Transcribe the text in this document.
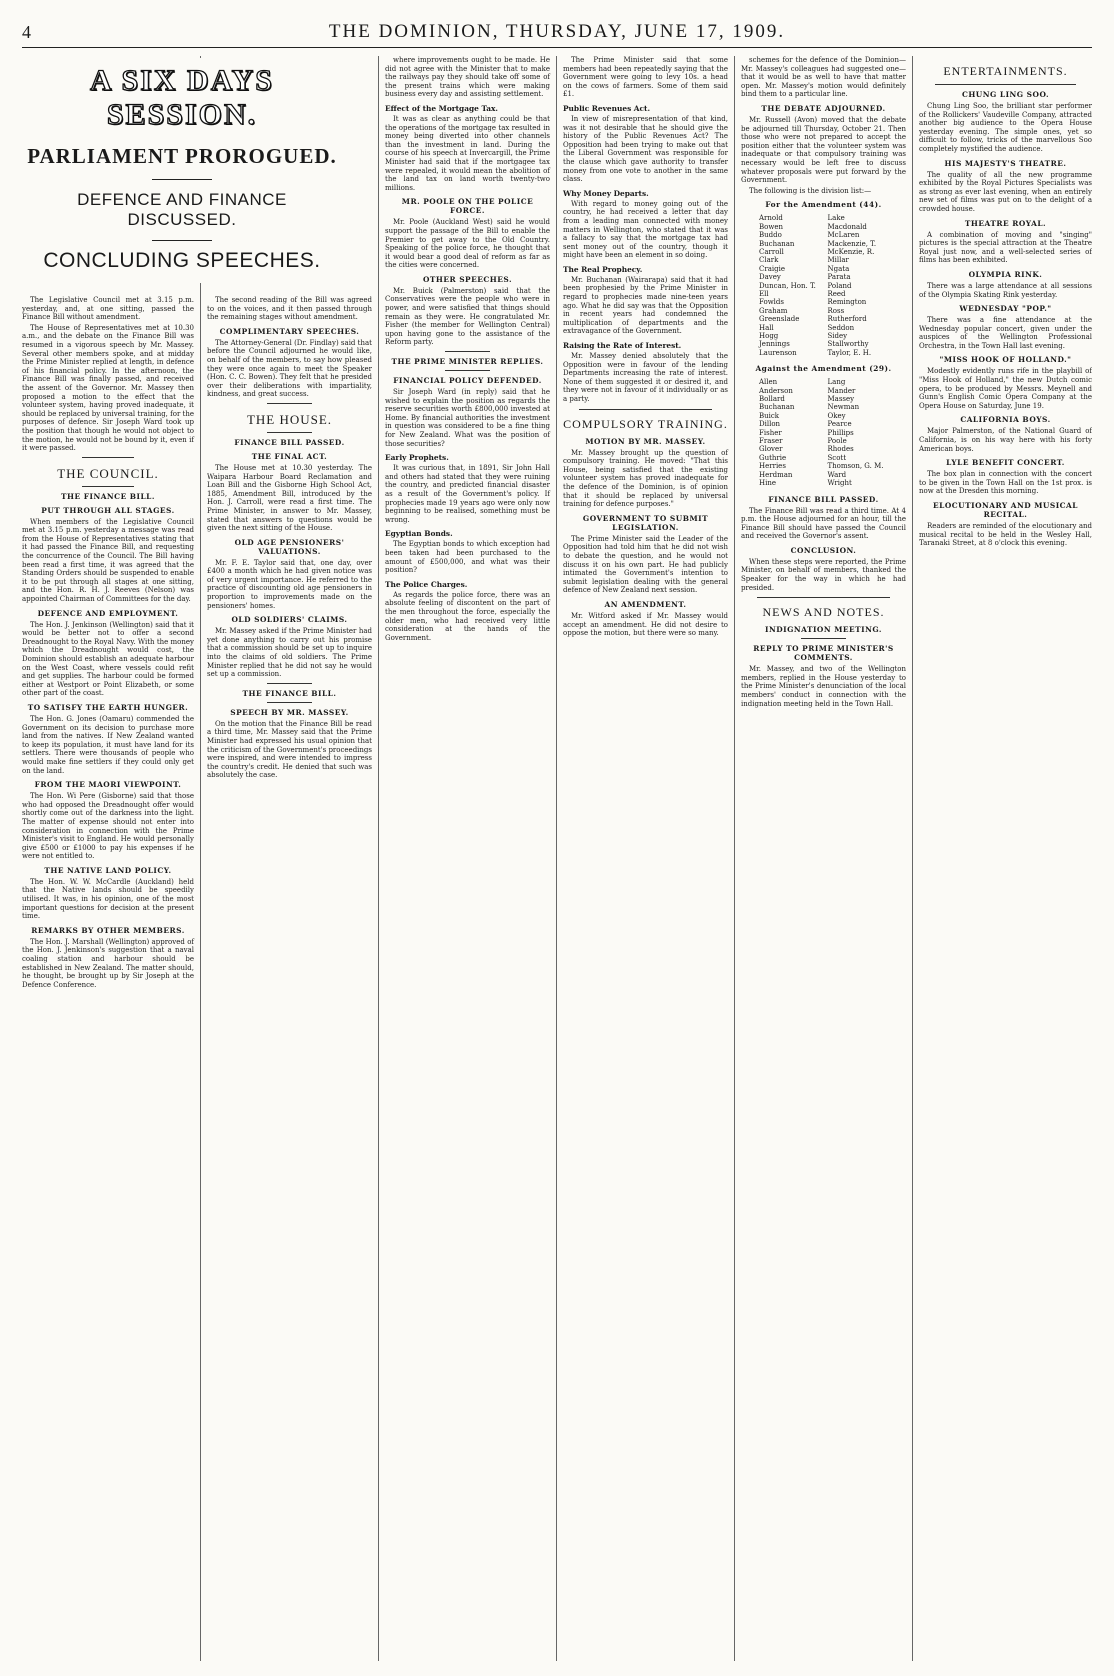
4	THE DOMINION, THURSDAY, JUNE 17, 1909.

The Legislative Council met at 3.15 p.m. yesterday, and, at one sitting, passed the Finance Bill without amendment.

The House of Representatives met at 10.30 a.m., and the debate on the Finance Bill was resumed in a vigorous speech by Mr. Massey. Several other members spoke, and at midday the Prime Minister replied at length, in defence of his financial policy. In the afternoon, the Finance Bill was finally passed, and received the assent of the Governor. Mr. Massey then proposed a motion to the effect that the volunteer system, having proved inadequate, it should be replaced by universal training, for the purposes of defence. Sir Joseph Ward took up the position that though he would not object to the motion, he would not be bound by it, even if it were passed.

THE COUNCIL.
THE FINANCE BILL.
PUT THROUGH ALL STAGES.

When members of the Legislative Council met at 3.15 p.m. yesterday a message was read from the House of Representatives stating that it had passed the Finance Bill, and requesting the concurrence of the Council. The Bill having been read a first time, it was agreed that the Standing Orders should be suspended to enable it to be put through all stages at one sitting, and the Hon. R. H. J. Reeves (Nelson) was appointed Chairman of Committees for the day.

DEFENCE AND EMPLOYMENT.

The Hon. J. Jenkinson (Wellington) said that it would be better not to offer a second Dreadnought to the Royal Navy. With the money which the Dreadnought would cost, the Dominion should establish an adequate harbour on the West Coast, where vessels could refit and get supplies. The harbour could be formed either at Westport or Point Elizabeth, or some other part of the coast.

TO SATISFY THE EARTH HUNGER.

The Hon. G. Jones (Oamaru) commended the Government on its decision to purchase more land from the natives. If New Zealand wanted to keep its population, it must have land for its settlers. There were thousands of people who would make fine settlers if they could only get on the land.

FROM THE MAORI VIEWPOINT.

The Hon. Wi Pere (Gisborne) said that those who had opposed the Dreadnought offer would shortly come out of the darkness into the light. The matter of expense should not enter into consideration in connection with the Prime Minister's visit to England. He would personally give £500 or £1000 to pay his expenses if he were not entitled to.

THE NATIVE LAND POLICY.

The Hon. W. W. McCardle (Auckland) held that the Native lands should be speedily utilised. It was, in his opinion, one of the most important questions for decision at the present time.

REMARKS BY OTHER MEMBERS.

The Hon. J. Marshall (Wellington) approved of the Hon. J. Jenkinson's suggestion that a naval coaling station and harbour should be established in New Zealand. The matter should, he thought, be brought up by Sir Joseph at the Defence Conference.

The second reading of the Bill was agreed to on the voices, and it then passed through the remaining stages without amendment.

COMPLIMENTARY SPEECHES.

The Attorney-General (Dr. Findlay) said that before the Council adjourned he would like, on behalf of the members, to say how pleased they were once again to meet the Speaker (Hon. C. C. Bowen). They felt that he presided over their deliberations with impartiality, kindness, and great success.

THE HOUSE.
FINANCE BILL PASSED.
THE FINAL ACT.

The House met at 10.30 yesterday. The Waipara Harbour Board Reclamation and Loan Bill and the Gisborne High School Act, 1885, Amendment Bill, introduced by the Hon. J. Carroll, were read a first time. The Prime Minister, in answer to Mr. Massey, stated that answers to questions would be given the next sitting of the House.

OLD AGE PENSIONERS' VALUATIONS.

Mr. F. E. Taylor said that, one day, over £400 a month which he had given notice was of very urgent importance. He referred to the practice of discounting old age pensioners in proportion to improvements made on the pensioners' homes.

OLD SOLDIERS' CLAIMS.

Mr. Massey asked if the Prime Minister had yet done anything to carry out his promise that a commission should be set up to inquire into the claims of old soldiers. The Prime Minister replied that he did not say he would set up a commission.

THE FINANCE BILL.
SPEECH BY MR. MASSEY.

On the motion that the Finance Bill be read a third time, Mr. Massey said that the Prime Minister had expressed his usual opinion that the criticism of the Government's proceedings were inspired, and were intended to impress the country's credit. He denied that such was absolutely the case.

where improvements ought to be made. He did not agree with the Minister that to make the railways pay they should take off some of the present trains which were making business every day and assisting settlement.

Effect of the Mortgage Tax.

It was as clear as anything could be that the operations of the mortgage tax resulted in money being diverted into other channels than the investment in land. During the course of his speech at Invercargill, the Prime Minister had said that if the mortgagee tax were repealed, it would mean the abolition of the land tax on land worth twenty-two millions.

MR. POOLE ON THE POLICE FORCE.

Mr. Poole (Auckland West) said he would support the passage of the Bill to enable the Premier to get away to the Old Country. Speaking of the police force, he thought that it would bear a good deal of reform as far as the cities were concerned.

OTHER SPEECHES.

Mr. Buick (Palmerston) said that the Conservatives were the people who were in power, and were satisfied that things should remain as they were. He congratulated Mr. Fisher (the member for Wellington Central) upon having gone to the assistance of the Reform party.

THE PRIME MINISTER REPLIES.
FINANCIAL POLICY DEFENDED.

Sir Joseph Ward (in reply) said that he wished to explain the position as regards the reserve securities worth £800,000 invested at Home. By financial authorities the investment in question was considered to be a fine thing for New Zealand. What was the position of those securities?

Early Prophets.

It was curious that, in 1891, Sir John Hall and others had stated that they were ruining the country, and predicted financial disaster as a result of the Government's policy. If prophecies made 19 years ago were only now beginning to be realised, something must be wrong.

Egyptian Bonds.

The Egyptian bonds to which exception had been taken had been purchased to the amount of £500,000, and what was their position?

The Police Charges.

As regards the police force, there was an absolute feeling of discontent on the part of the men throughout the force, especially the older men, who had received very little consideration at the hands of the Government.

The Prime Minister said that some members had been repeatedly saying that the Government were going to levy 10s. a head on the cows of farmers. Some of them said £1.

Public Revenues Act.

In view of misrepresentation of that kind, was it not desirable that he should give the history of the Public Revenues Act? The Opposition had been trying to make out that the Liberal Government was responsible for the clause which gave authority to transfer money from one vote to another in the same class.

Why Money Departs.

With regard to money going out of the country, he had received a letter that day from a leading man connected with money matters in Wellington, who stated that it was a fallacy to say that the mortgage tax had sent money out of the country, though it might have been an element in so doing.

The Real Prophecy.

Mr. Buchanan (Wairarapa) said that it had been prophesied by the Prime Minister in regard to prophecies made nine-teen years ago. What he did say was that the Opposition in recent years had condemned the multiplication of departments and the extravagance of the Government.

Raising the Rate of Interest.

Mr. Massey denied absolutely that the Opposition were in favour of the lending Departments increasing the rate of interest. None of them suggested it or desired it, and they were not in favour of it individually or as a party.

COMPULSORY TRAINING.
MOTION BY MR. MASSEY.

Mr. Massey brought up the question of compulsory training. He moved: "That this House, being satisfied that the existing volunteer system has proved inadequate for the defence of the Dominion, is of opinion that it should be replaced by universal training for defence purposes."

GOVERNMENT TO SUBMIT LEGISLATION.

The Prime Minister said the Leader of the Opposition had told him that he did not wish to debate the question, and he would not discuss it on his own part. He had publicly intimated the Government's intention to submit legislation dealing with the general defence of New Zealand next session.

AN AMENDMENT.

Mr. Witford asked if Mr. Massey would accept an amendment. He did not desire to oppose the motion, but there were so many.

schemes for the defence of the Dominion—Mr. Massey's colleagues had suggested one—that it would be as well to have that matter open. Mr. Massey's motion would definitely bind them to a particular line.

THE DEBATE ADJOURNED.

Mr. Russell (Avon) moved that the debate be adjourned till Thursday, October 21. Then those who were not prepared to accept the position either that the volunteer system was inadequate or that compulsory training was necessary would be left free to discuss whatever proposals were put forward by the Government.

The following is the division list:—

For the Amendment (44).
Arnold	Lake
Bowen	Macdonald
Buddo	McLaren
Buchanan	Mackenzie, T.
Carroll	McKenzie, R.
Clark	Millar
Craigie	Ngata
Davey	Parata
Duncan, Hon. T.	Poland
Ell	Reed
Fowlds	Remington
Graham	Ross
Greenslade	Rutherford
Hall	Seddon
Hogg	Sidey
Jennings	Stallworthy
Laurenson	Taylor, E. H.
Against the Amendment (29).
Allen	Lang
Anderson	Mander
Bollard	Massey
Buchanan	Newman
Buick	Okey
Dillon	Pearce
Fisher	Phillips
Fraser	Poole
Glover	Rhodes
Guthrie	Scott
Herries	Thomson, G. M.
Herdman	Ward
Hine	Wright
FINANCE BILL PASSED.

The Finance Bill was read a third time. At 4 p.m. the House adjourned for an hour, till the Finance Bill should have passed the Council and received the Governor's assent.

CONCLUSION.

When these steps were reported, the Prime Minister, on behalf of members, thanked the Speaker for the way in which he had presided.

NEWS AND NOTES.
INDIGNATION MEETING.
REPLY TO PRIME MINISTER'S COMMENTS.

Mr. Massey, and two of the Wellington members, replied in the House yesterday to the Prime Minister's denunciation of the local members' conduct in connection with the indignation meeting held in the Town Hall.

ENTERTAINMENTS.
CHUNG LING SOO.

Chung Ling Soo, the brilliant star performer of the Rollickers' Vaudeville Company, attracted another big audience to the Opera House yesterday evening. The simple ones, yet so difficult to follow, tricks of the marvellous Soo completely mystified the audience.

HIS MAJESTY'S THEATRE.

The quality of all the new programme exhibited by the Royal Pictures Specialists was as strong as ever last evening, when an entirely new set of films was put on to the delight of a crowded house.

THEATRE ROYAL.

A combination of moving and "singing" pictures is the special attraction at the Theatre Royal just now, and a well-selected series of films has been exhibited.

OLYMPIA RINK.

There was a large attendance at all sessions of the Olympia Skating Rink yesterday.

WEDNESDAY "POP."

There was a fine attendance at the Wednesday popular concert, given under the auspices of the Wellington Professional Orchestra, in the Town Hall last evening.

"MISS HOOK OF HOLLAND."

Modestly evidently runs rife in the playbill of "Miss Hook of Holland," the new Dutch comic opera, to be produced by Messrs. Meynell and Gunn's English Comic Opera Company at the Opera House on Saturday, June 19.

CALIFORNIA BOYS.

Major Palmerston, of the National Guard of California, is on his way here with his forty American boys.

LYLE BENEFIT CONCERT.

The box plan in connection with the concert to be given in the Town Hall on the 1st prox. is now at the Dresden this morning.

ELOCUTIONARY AND MUSICAL RECITAL.

Readers are reminded of the elocutionary and musical recital to be held in the Wesley Hall, Taranaki Street, at 8 o'clock this evening.

A SIX DAYS SESSION.
PARLIAMENT PROROGUED.
DEFENCE AND FINANCE DISCUSSED.
CONCLUDING SPEECHES.
